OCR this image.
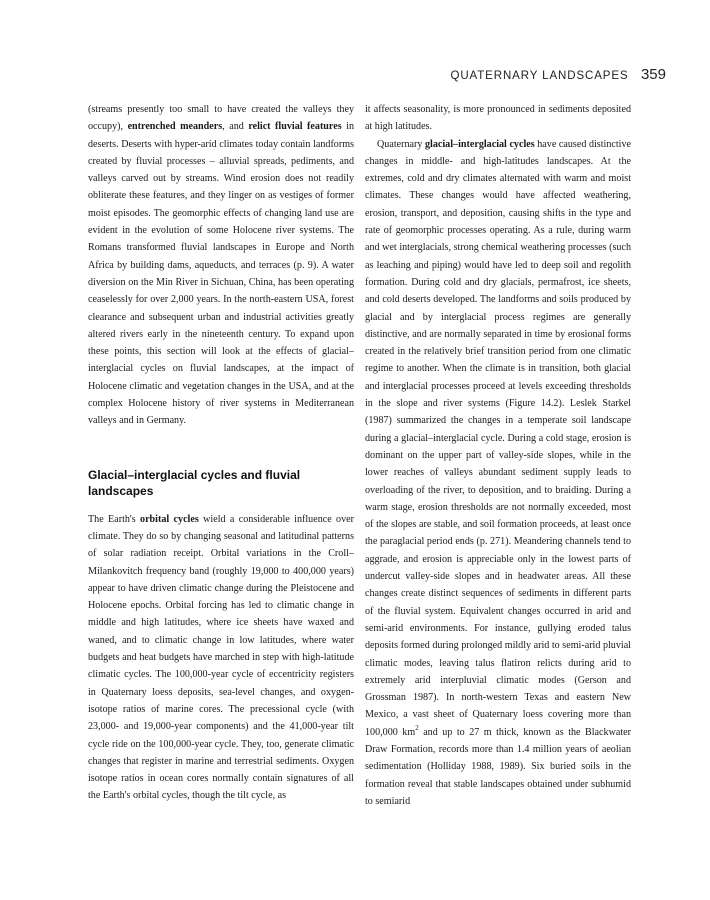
QUATERNARY LANDSCAPES 359

(streams presently too small to have created the valleys they occupy), entrenched meanders, and relict fluvial features in deserts. Deserts with hyper-arid climates today contain landforms created by fluvial processes – alluvial spreads, pediments, and valleys carved out by streams. Wind erosion does not readily obliterate these features, and they linger on as vestiges of former moist episodes. The geomorphic effects of changing land use are evident in the evolution of some Holocene river systems. The Romans transformed fluvial landscapes in Europe and North Africa by building dams, aqueducts, and terraces (p. 9). A water diversion on the Min River in Sichuan, China, has been operating ceaselessly for over 2,000 years. In the north-eastern USA, forest clearance and subsequent urban and industrial activities greatly altered rivers early in the nineteenth century. To expand upon these points, this section will look at the effects of glacial–interglacial cycles on fluvial landscapes, at the impact of Holocene climatic and vegetation changes in the USA, and at the complex Holocene history of river systems in Mediterranean valleys and in Germany.

Glacial–interglacial cycles and fluvial landscapes

The Earth's orbital cycles wield a considerable influence over climate. They do so by changing seasonal and latitudinal patterns of solar radiation receipt. Orbital variations in the Croll–Milankovitch frequency band (roughly 19,000 to 400,000 years) appear to have driven climatic change during the Pleistocene and Holocene epochs. Orbital forcing has led to climatic change in middle and high latitudes, where ice sheets have waxed and waned, and to climatic change in low latitudes, where water budgets and heat budgets have marched in step with high-latitude climatic cycles. The 100,000-year cycle of eccentricity registers in Quaternary loess deposits, sea-level changes, and oxygen-isotope ratios of marine cores. The precessional cycle (with 23,000- and 19,000-year components) and the 41,000-year tilt cycle ride on the 100,000-year cycle. They, too, generate climatic changes that register in marine and terrestrial sediments. Oxygen isotope ratios in ocean cores normally contain signatures of all the Earth's orbital cycles, though the tilt cycle, as

it affects seasonality, is more pronounced in sediments deposited at high latitudes.

Quaternary glacial–interglacial cycles have caused distinctive changes in middle- and high-latitudes landscapes. At the extremes, cold and dry climates alternated with warm and moist climates. These changes would have affected weathering, erosion, transport, and deposition, causing shifts in the type and rate of geomorphic processes operating. As a rule, during warm and wet interglacials, strong chemical weathering processes (such as leaching and piping) would have led to deep soil and regolith formation. During cold and dry glacials, permafrost, ice sheets, and cold deserts developed. The landforms and soils produced by glacial and by interglacial process regimes are generally distinctive, and are normally separated in time by erosional forms created in the relatively brief transition period from one climatic regime to another. When the climate is in transition, both glacial and interglacial processes proceed at levels exceeding thresholds in the slope and river systems (Figure 14.2). Leslek Starkel (1987) summarized the changes in a temperate soil landscape during a glacial–interglacial cycle. During a cold stage, erosion is dominant on the upper part of valley-side slopes, while in the lower reaches of valleys abundant sediment supply leads to overloading of the river, to deposition, and to braiding. During a warm stage, erosion thresholds are not normally exceeded, most of the slopes are stable, and soil formation proceeds, at least once the paraglacial period ends (p. 271). Meandering channels tend to aggrade, and erosion is appreciable only in the lowest parts of undercut valley-side slopes and in headwater areas. All these changes create distinct sequences of sediments in different parts of the fluvial system. Equivalent changes occurred in arid and semi-arid environments. For instance, gullying eroded talus deposits formed during prolonged mildly arid to semi-arid pluvial climatic modes, leaving talus flatiron relicts during arid to extremely arid interpluvial climatic modes (Gerson and Grossman 1987). In north-western Texas and eastern New Mexico, a vast sheet of Quaternary loess covering more than 100,000 $km^2$ and up to 27 m thick, known as the Blackwater Draw Formation, records more than 1.4 million years of aeolian sedimentation (Holliday 1988, 1989). Six buried soils in the formation reveal that stable landscapes obtained under subhumid to semiarid
